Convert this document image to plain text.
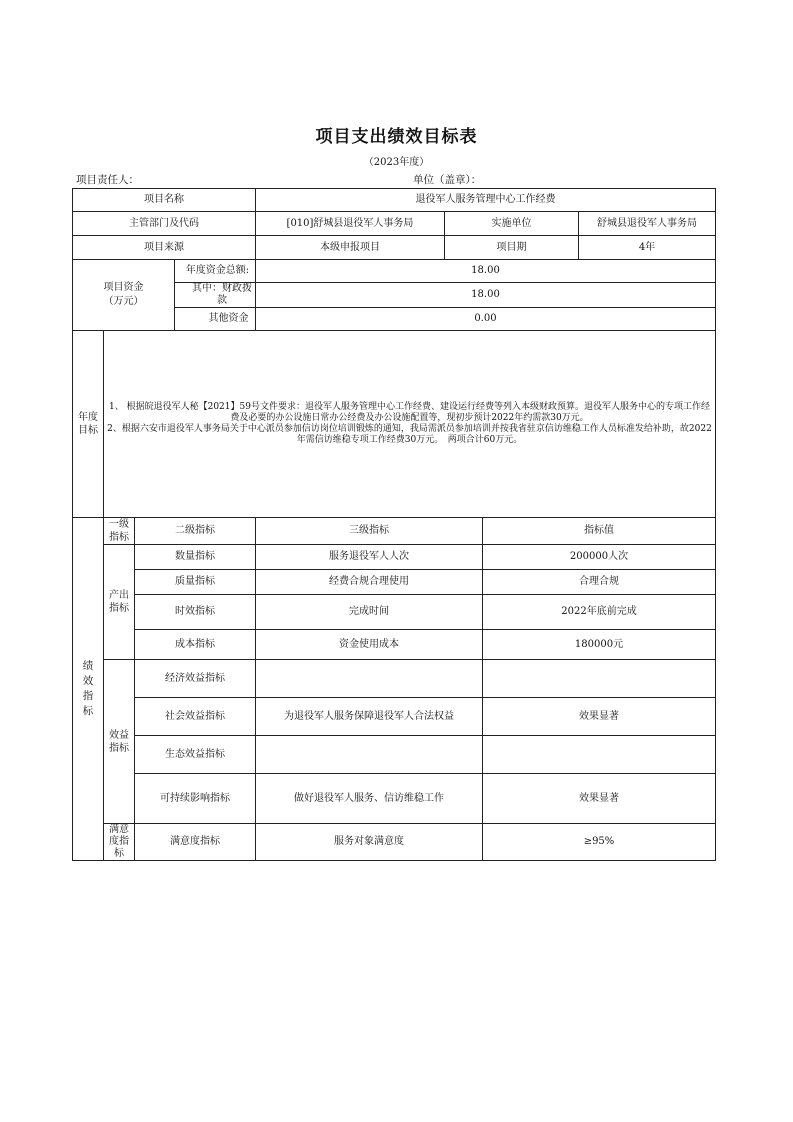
项目支出绩效目标表
（2023年度）
项目责任人：	单位（盖章）：
项目名称				退役军人服务管理中心工作经费			
主管部门及代码				[010]舒城县退役军人事务局	实施单位		舒城县退役军人事务局
项目来源				本级申报项目	项目期		4年
项目资金（万元）			年度资金总额:	18.00			
			其中：财政拨款	18.00			
			其他资金	0.00			
年度目标	1、 根据皖退役军人秘【2021】59号文件要求：退役军人服务管理中心工作经费、建设运行经费等列入本级财政预算。退役军人服务中心的专项工作经费及必要的办公设施日常办公经费及办公设施配置等，现初步预计2022年约需款30万元。
2、根据六安市退役军人事务局关于中心派员参加信访岗位培训锻炼的通知，我局需派员参加培训并按我省驻京信访维稳工作人员标准发给补助，故2022年需信访维稳专项工作经费30万元。　两项合计60万元。						

绩效指标	一级指标	二级指标		三级指标		指标值	
	产出指标	数量指标		服务退役军人人次		200000人次	
		质量指标		经费合规合理使用		合理合规	
		时效指标		完成时间		2022年底前完成	
		成本指标		资金使用成本		180000元	
	效益指标	经济效益指标					
		社会效益指标		为退役军人服务保障退役军人合法权益		效果显著	
		生态效益指标					
		可持续影响指标		做好退役军人服务、信访维稳工作		效果显著	
	满意度指标	满意度指标		服务对象满意度		≥95%	
